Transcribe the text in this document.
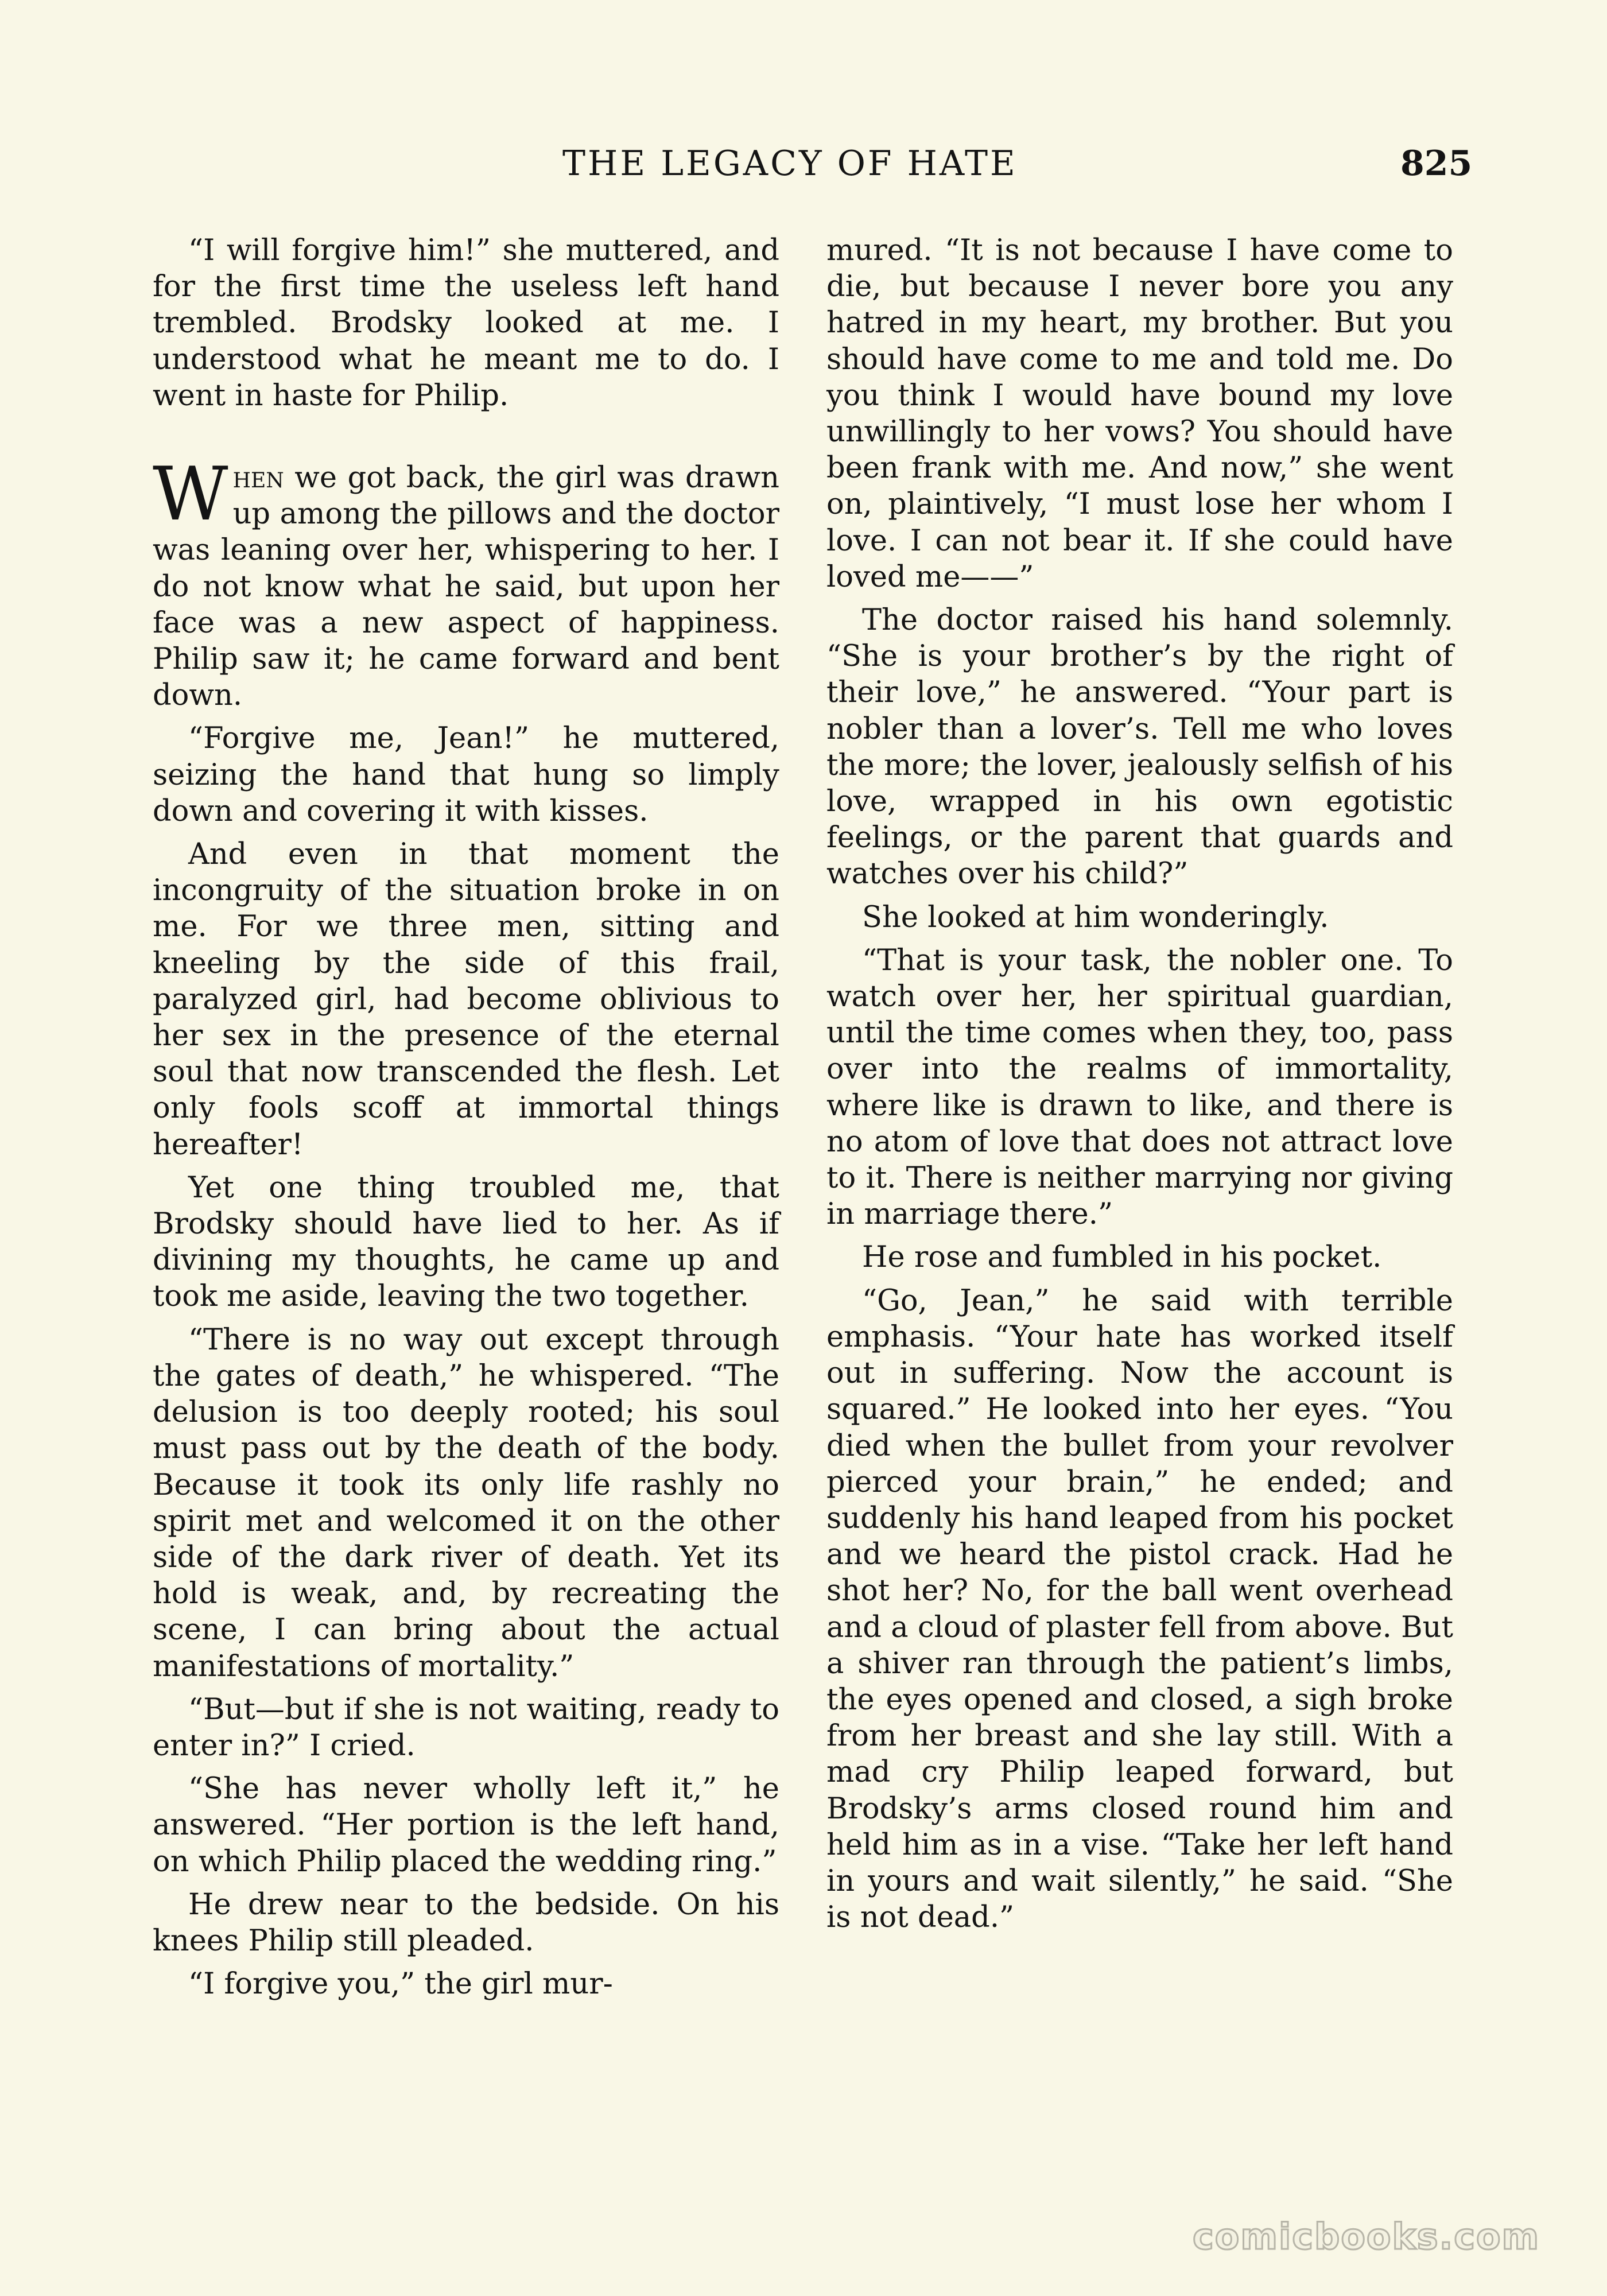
THE LEGACY OF HATE	825

“I will forgive him!” she muttered, and for the first time the useless left hand trembled. Brodsky looked at me. I understood what he meant me to do. I went in haste for Philip.

When we got back, the girl was drawn up among the pillows and the doctor was leaning over her, whispering to her. I do not know what he said, but upon her face was a new aspect of happiness. Philip saw it; he came forward and bent down.

“Forgive me, Jean!” he muttered, seizing the hand that hung so limply down and covering it with kisses.

And even in that moment the incongruity of the situation broke in on me. For we three men, sitting and kneeling by the side of this frail, paralyzed girl, had become oblivious to her sex in the presence of the eternal soul that now transcended the flesh. Let only fools scoff at immortal things hereafter!

Yet one thing troubled me, that Brodsky should have lied to her. As if divining my thoughts, he came up and took me aside, leaving the two together.

“There is no way out except through the gates of death,” he whispered. “The delusion is too deeply rooted; his soul must pass out by the death of the body. Because it took its only life rashly no spirit met and welcomed it on the other side of the dark river of death. Yet its hold is weak, and, by recreating the scene, I can bring about the actual manifestations of mortality.”

“But—but if she is not waiting, ready to enter in?” I cried.

“She has never wholly left it,” he answered. “Her portion is the left hand, on which Philip placed the wedding ring.”

He drew near to the bedside. On his knees Philip still pleaded.

“I forgive you,” the girl mur-

mured. “It is not because I have come to die, but because I never bore you any hatred in my heart, my brother. But you should have come to me and told me. Do you think I would have bound my love unwillingly to her vows? You should have been frank with me. And now,” she went on, plaintively, “I must lose her whom I love. I can not bear it. If she could have loved me——”

The doctor raised his hand solemnly. “She is your brother’s by the right of their love,” he answered. “Your part is nobler than a lover’s. Tell me who loves the more; the lover, jealously selfish of his love, wrapped in his own egotistic feelings, or the parent that guards and watches over his child?”

She looked at him wonderingly.

“That is your task, the nobler one. To watch over her, her spiritual guardian, until the time comes when they, too, pass over into the realms of immortality, where like is drawn to like, and there is no atom of love that does not attract love to it. There is neither marrying nor giving in marriage there.”

He rose and fumbled in his pocket.

“Go, Jean,” he said with terrible emphasis. “Your hate has worked itself out in suffering. Now the account is squared.” He looked into her eyes. “You died when the bullet from your revolver pierced your brain,” he ended; and suddenly his hand leaped from his pocket and we heard the pistol crack. Had he shot her? No, for the ball went overhead and a cloud of plaster fell from above. But a shiver ran through the patient’s limbs, the eyes opened and closed, a sigh broke from her breast and she lay still. With a mad cry Philip leaped forward, but Brodsky’s arms closed round him and held him as in a vise. “Take her left hand in yours and wait silently,” he said. “She is not dead.”

comicbooks.com
